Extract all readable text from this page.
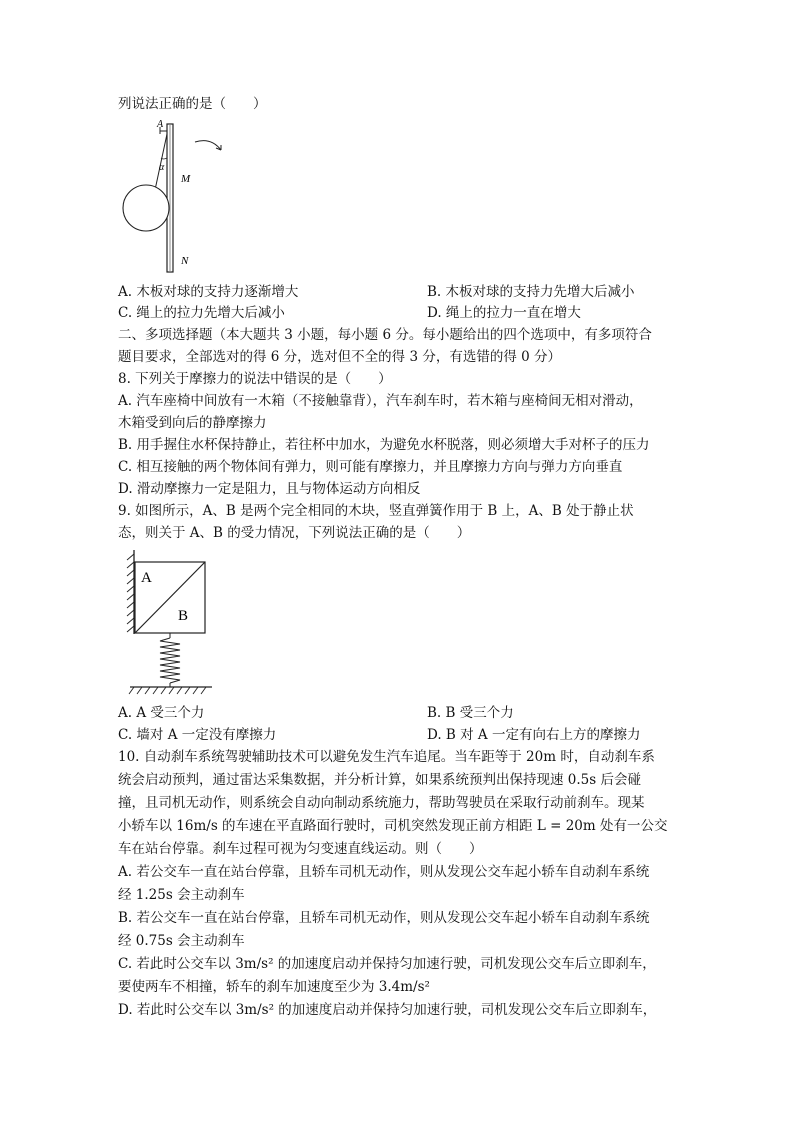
列说法正确的是（　　）
A
α
M
N
A. 木板对球的支持力逐渐增大	B. 木板对球的支持力先增大后减小
C. 绳上的拉力先增大后减小	D. 绳上的拉力一直在增大
二、多项选择题（本大题共 3 小题，每小题 6 分。每小题给出的四个选项中，有多项符合
题目要求，全部选对的得 6 分，选对但不全的得 3 分，有选错的得 0 分）
8. 下列关于摩擦力的说法中错误的是（　　）
A. 汽车座椅中间放有一木箱（不接触靠背），汽车刹车时，若木箱与座椅间无相对滑动，
木箱受到向后的静摩擦力
B. 用手握住水杯保持静止，若往杯中加水，为避免水杯脱落，则必须增大手对杯子的压力
C. 相互接触的两个物体间有弹力，则可能有摩擦力，并且摩擦力方向与弹力方向垂直
D. 滑动摩擦力一定是阻力，且与物体运动方向相反
9. 如图所示，A、B 是两个完全相同的木块，竖直弹簧作用于 B 上，A、B 处于静止状
态，则关于 A、B 的受力情况，下列说法正确的是（　　）
A
B
A. A 受三个力	B. B 受三个力
C. 墙对 A 一定没有摩擦力	D. B 对 A 一定有向右上方的摩擦力
10. 自动刹车系统驾驶辅助技术可以避免发生汽车追尾。当车距等于 20m 时，自动刹车系
统会启动预判，通过雷达采集数据，并分析计算，如果系统预判出保持现速 0.5s 后会碰
撞，且司机无动作，则系统会自动向制动系统施力，帮助驾驶员在采取行动前刹车。现某
小轿车以 16m/s 的车速在平直路面行驶时，司机突然发现正前方相距 L = 20m 处有一公交
车在站台停靠。刹车过程可视为匀变速直线运动。则（　　）
A. 若公交车一直在站台停靠，且轿车司机无动作，则从发现公交车起小轿车自动刹车系统
经 1.25s 会主动刹车
B. 若公交车一直在站台停靠，且轿车司机无动作，则从发现公交车起小轿车自动刹车系统
经 0.75s 会主动刹车
C. 若此时公交车以 3m/s² 的加速度启动并保持匀加速行驶，司机发现公交车后立即刹车，
要使两车不相撞，轿车的刹车加速度至少为 3.4m/s²
D. 若此时公交车以 3m/s² 的加速度启动并保持匀加速行驶，司机发现公交车后立即刹车，
